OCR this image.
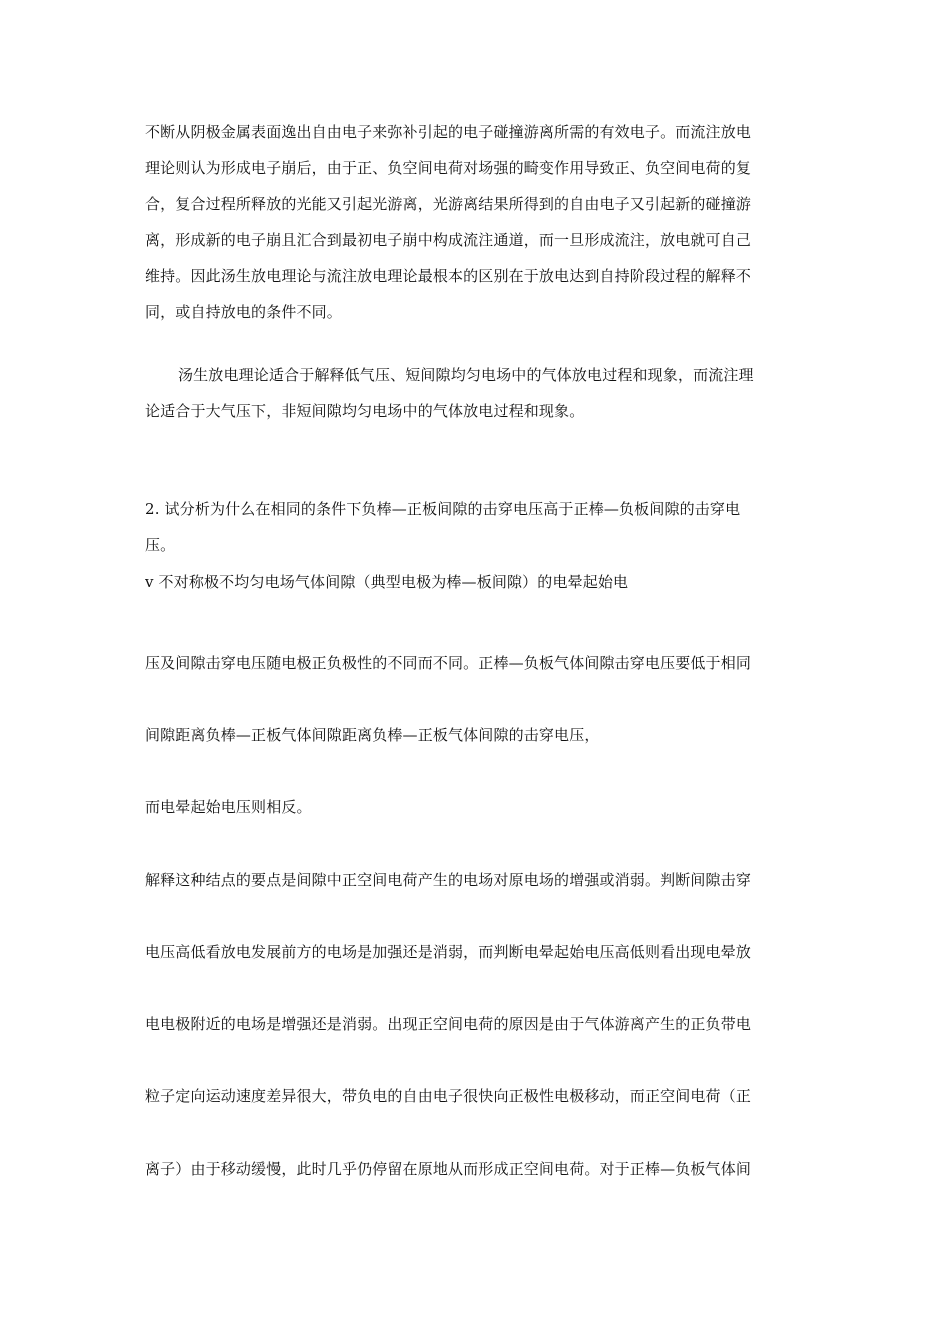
不断从阴极金属表面逸出自由电子来弥补引起的电子碰撞游离所需的有效电子。而流注放电
理论则认为形成电子崩后，由于正、负空间电荷对场强的畸变作用导致正、负空间电荷的复
合，复合过程所释放的光能又引起光游离，光游离结果所得到的自由电子又引起新的碰撞游
离，形成新的电子崩且汇合到最初电子崩中构成流注通道，而一旦形成流注，放电就可自己
维持。因此汤生放电理论与流注放电理论最根本的区别在于放电达到自持阶段过程的解释不
同，或自持放电的条件不同。
汤生放电理论适合于解释低气压、短间隙均匀电场中的气体放电过程和现象，而流注理
论适合于大气压下，非短间隙均匀电场中的气体放电过程和现象。
2. 试分析为什么在相同的条件下负棒—正板间隙的击穿电压高于正棒—负板间隙的击穿电
压。
v 不对称极不均匀电场气体间隙（典型电极为棒—板间隙）的电晕起始电
压及间隙击穿电压随电极正负极性的不同而不同。正棒—负板气体间隙击穿电压要低于相同
间隙距离负棒—正板气体间隙距离负棒—正板气体间隙的击穿电压，
而电晕起始电压则相反。
解释这种结点的要点是间隙中正空间电荷产生的电场对原电场的增强或消弱。判断间隙击穿
电压高低看放电发展前方的电场是加强还是消弱，而判断电晕起始电压高低则看出现电晕放
电电极附近的电场是增强还是消弱。出现正空间电荷的原因是由于气体游离产生的正负带电
粒子定向运动速度差异很大，带负电的自由电子很快向正极性电极移动，而正空间电荷（正
离子）由于移动缓慢，此时几乎仍停留在原地从而形成正空间电荷。对于正棒—负板气体间
